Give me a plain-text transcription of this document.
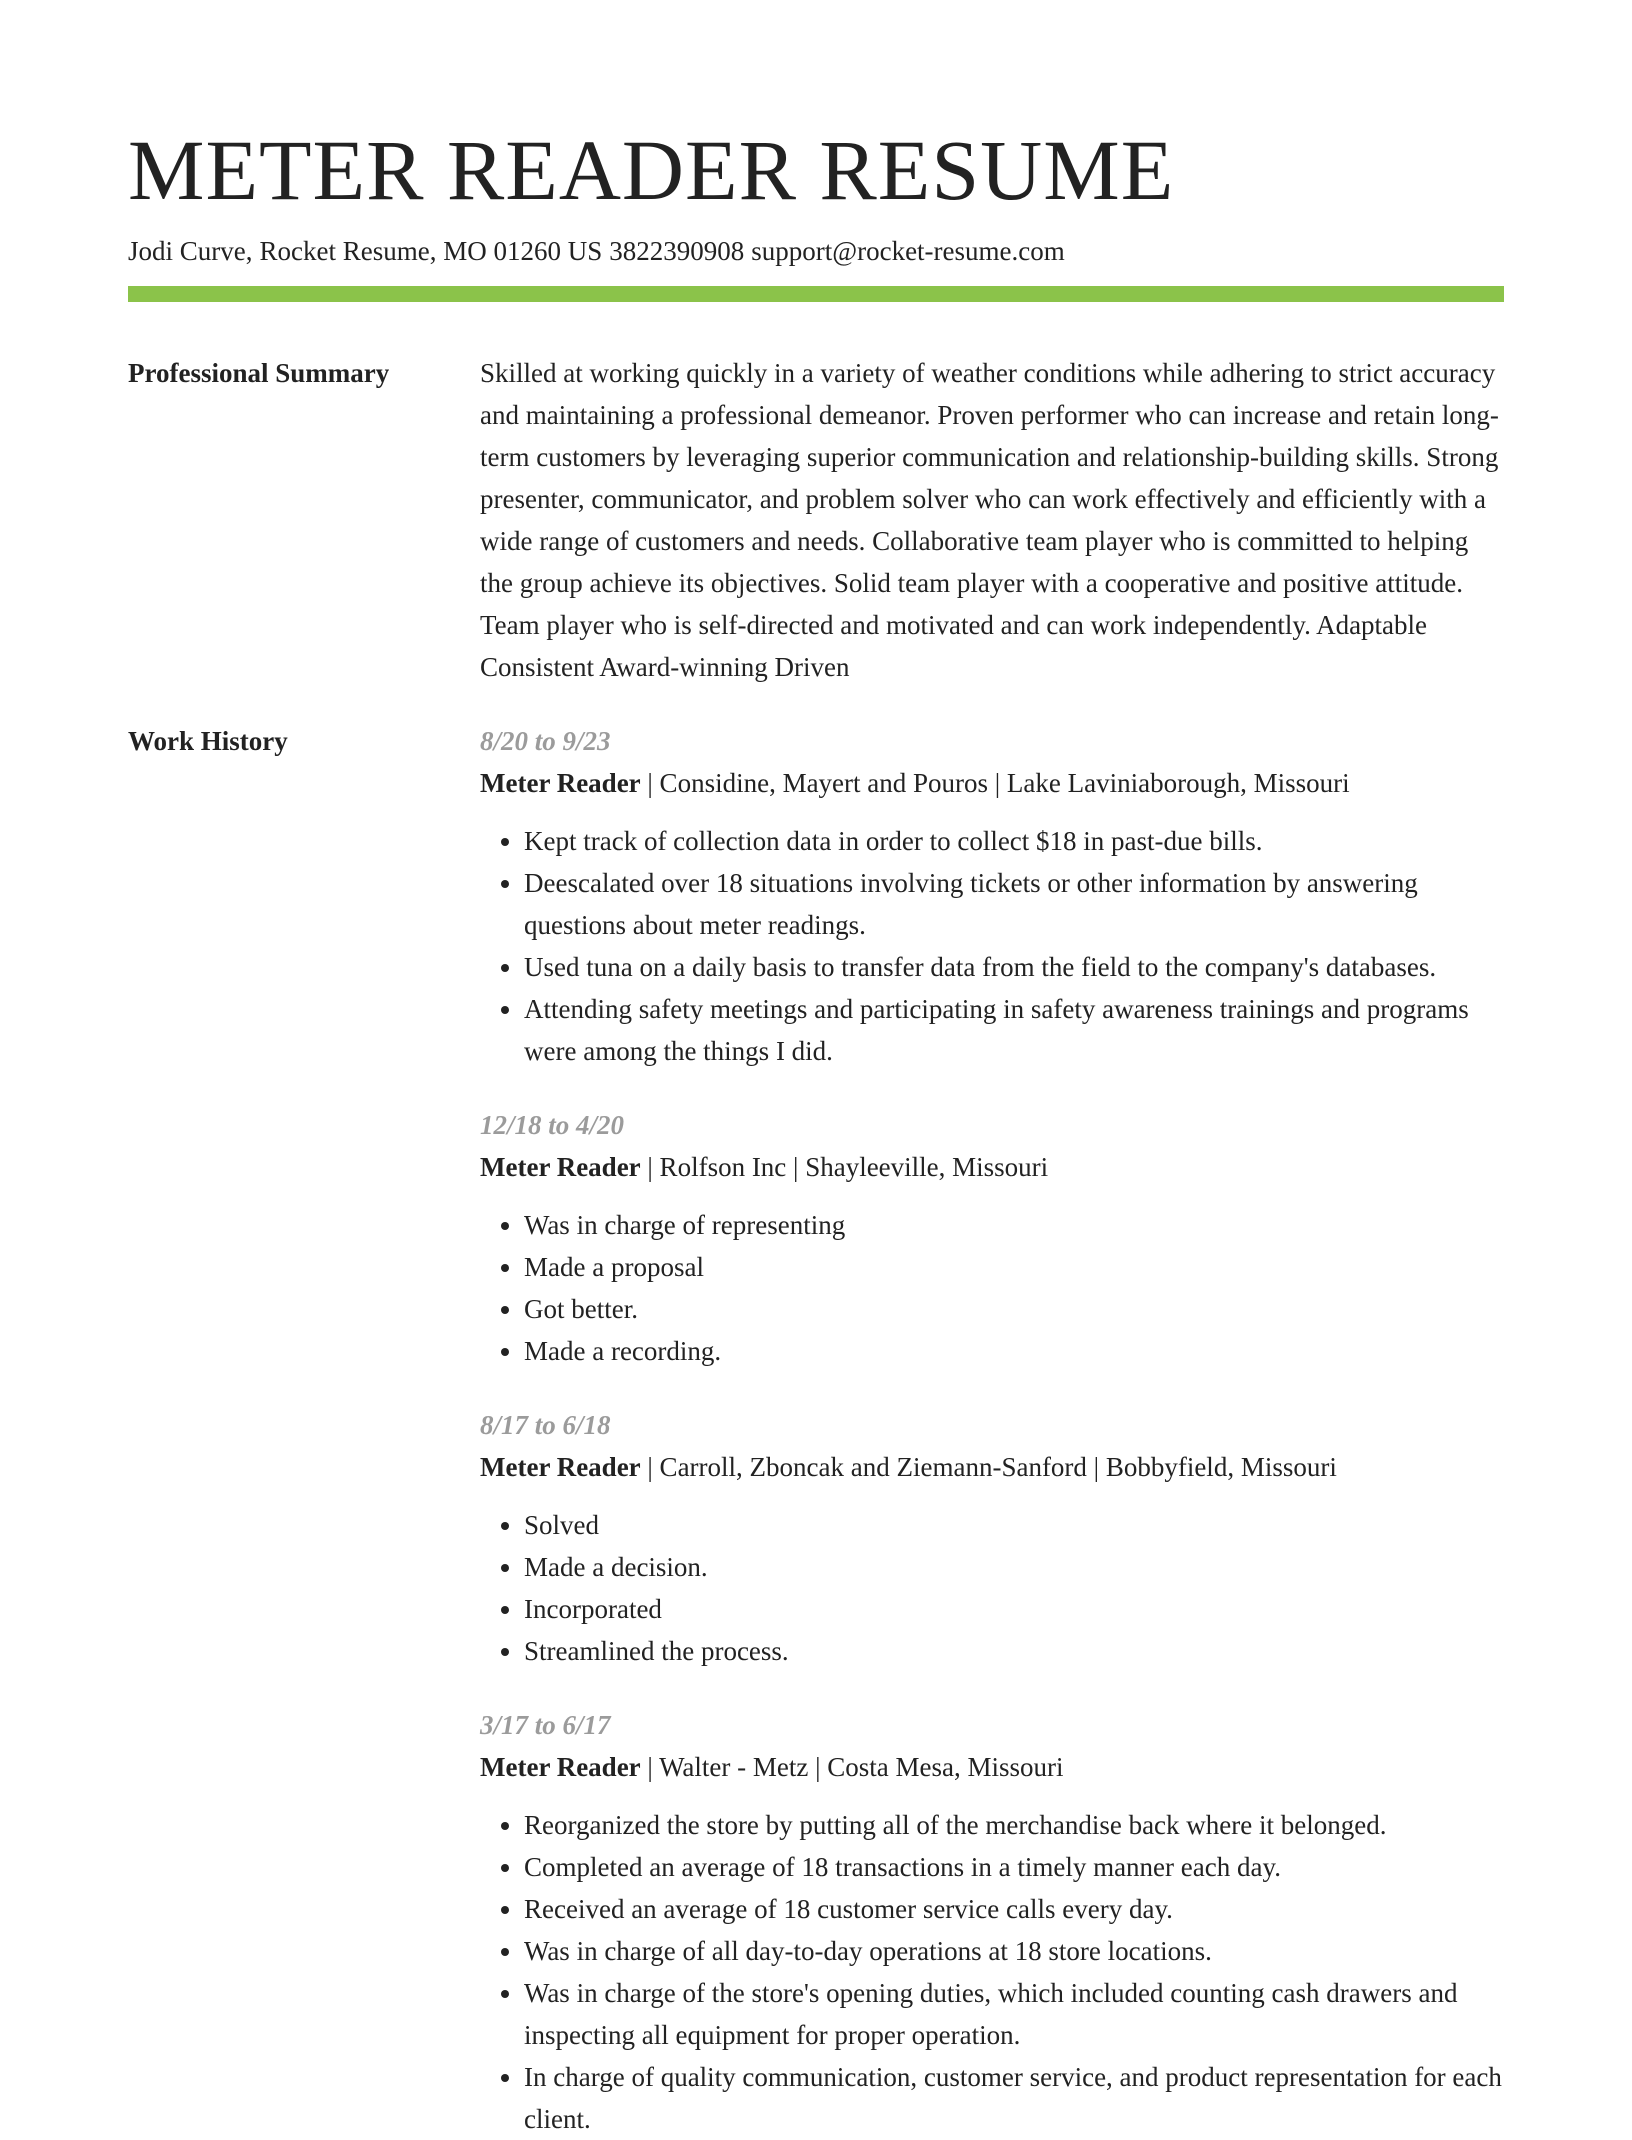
METER READER RESUME
Jodi Curve, Rocket Resume, MO 01260 US 3822390908 support@rocket-resume.com
Professional Summary	Skilled at working quickly in a variety of weather conditions while adhering to strict accuracy and maintaining a professional demeanor. Proven performer who can increase and retain long-term customers by leveraging superior communication and relationship-building skills. Strong presenter, communicator, and problem solver who can work effectively and efficiently with a wide range of customers and needs. Collaborative team player who is committed to helping the group achieve its objectives. Solid team player with a cooperative and positive attitude. Team player who is self-directed and motivated and can work independently. Adaptable Consistent Award-winning Driven

Work History	8/20 to 9/23
Meter Reader | Considine, Mayert and Pouros | Lake Laviniaborough, Missouri
• Kept track of collection data in order to collect $18 in past-due bills.
• Deescalated over 18 situations involving tickets or other information by answering questions about meter readings.
• Used tuna on a daily basis to transfer data from the field to the company's databases.
• Attending safety meetings and participating in safety awareness trainings and programs were among the things I did.
12/18 to 4/20
Meter Reader | Rolfson Inc | Shayleeville, Missouri
• Was in charge of representing
• Made a proposal
• Got better.
• Made a recording.
8/17 to 6/18
Meter Reader | Carroll, Zboncak and Ziemann-Sanford | Bobbyfield, Missouri
• Solved
• Made a decision.
• Incorporated
• Streamlined the process.
3/17 to 6/17
Meter Reader | Walter - Metz | Costa Mesa, Missouri
• Reorganized the store by putting all of the merchandise back where it belonged.
• Completed an average of 18 transactions in a timely manner each day.
• Received an average of 18 customer service calls every day.
• Was in charge of all day-to-day operations at 18 store locations.
• Was in charge of the store's opening duties, which included counting cash drawers and inspecting all equipment for proper operation.
• In charge of quality communication, customer service, and product representation for each client.
